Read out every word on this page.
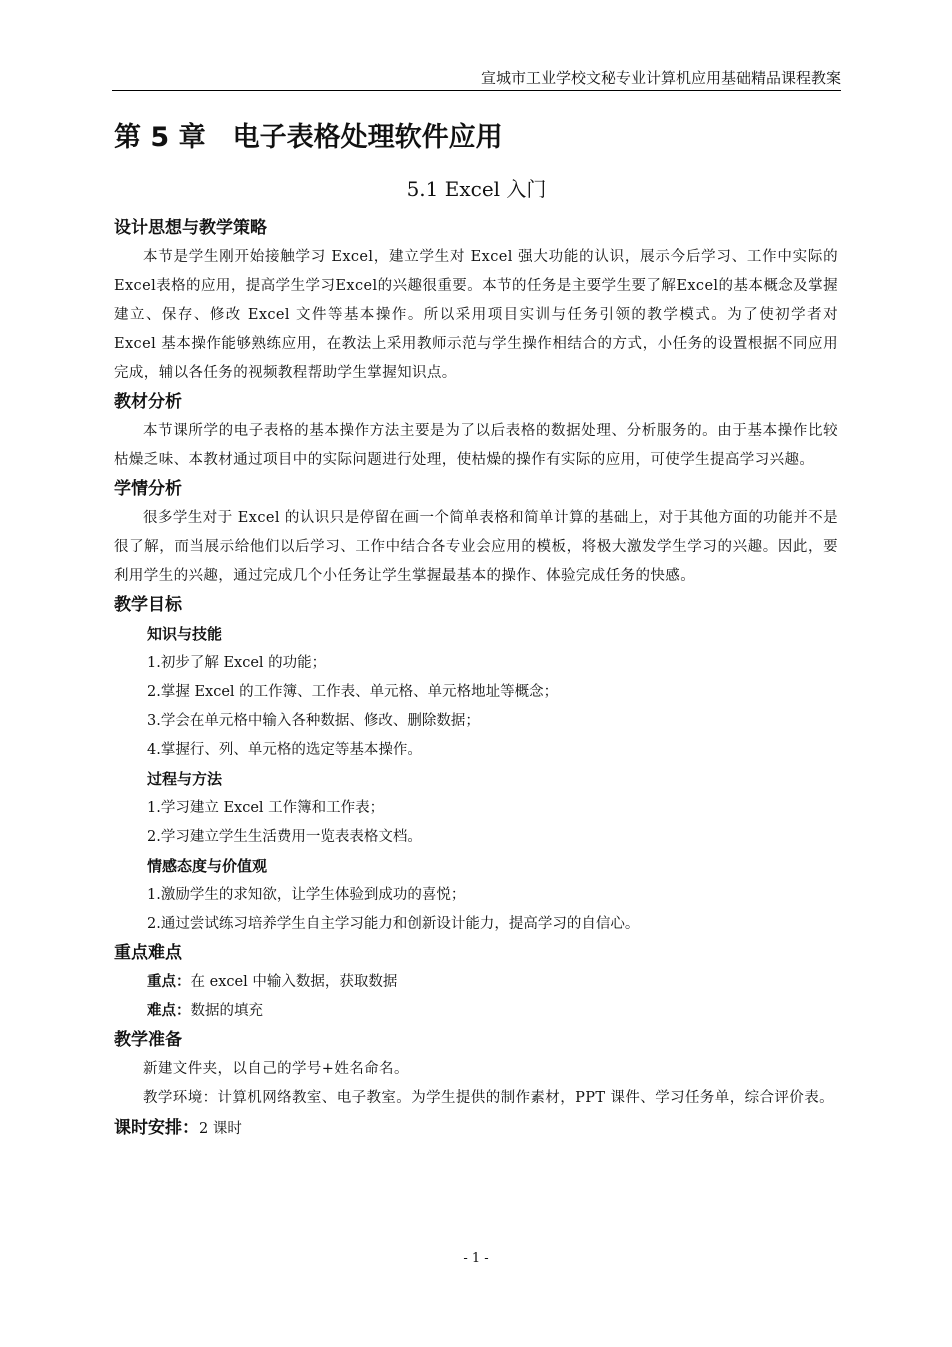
宣城市工业学校文秘专业计算机应用基础精品课程教案
第 5 章　电子表格处理软件应用
5.1 Excel 入门
设计思想与教学策略
本节是学生刚开始接触学习 Excel，建立学生对 Excel 强大功能的认识，展示今后学习、工作中实际的Excel表格的应用，提高学生学习Excel的兴趣很重要。本节的任务是主要学生要了解Excel的基本概念及掌握建立、保存、修改 Excel 文件等基本操作。所以采用项目实训与任务引领的教学模式。为了使初学者对 Excel 基本操作能够熟练应用，在教法上采用教师示范与学生操作相结合的方式，小任务的设置根据不同应用完成，辅以各任务的视频教程帮助学生掌握知识点。
教材分析
本节课所学的电子表格的基本操作方法主要是为了以后表格的数据处理、分析服务的。由于基本操作比较枯燥乏味、本教材通过项目中的实际问题进行处理，使枯燥的操作有实际的应用，可使学生提高学习兴趣。
学情分析
很多学生对于 Excel 的认识只是停留在画一个简单表格和简单计算的基础上，对于其他方面的功能并不是很了解，而当展示给他们以后学习、工作中结合各专业会应用的模板，将极大激发学生学习的兴趣。因此，要利用学生的兴趣，通过完成几个小任务让学生掌握最基本的操作、体验完成任务的快感。
教学目标
知识与技能
1.初步了解 Excel 的功能；
2.掌握 Excel 的工作簿、工作表、单元格、单元格地址等概念；
3.学会在单元格中输入各种数据、修改、删除数据；
4.掌握行、列、单元格的选定等基本操作。
过程与方法
1.学习建立 Excel 工作簿和工作表；
2.学习建立学生生活费用一览表表格文档。
情感态度与价值观
1.激励学生的求知欲，让学生体验到成功的喜悦；
2.通过尝试练习培养学生自主学习能力和创新设计能力，提高学习的自信心。
重点难点
重点：在 excel 中输入数据，获取数据
难点：数据的填充
教学准备
新建文件夹，以自己的学号+姓名命名。
教学环境：计算机网络教室、电子教室。为学生提供的制作素材，PPT 课件、学习任务单，综合评价表。
课时安排：2 课时
- 1 -
